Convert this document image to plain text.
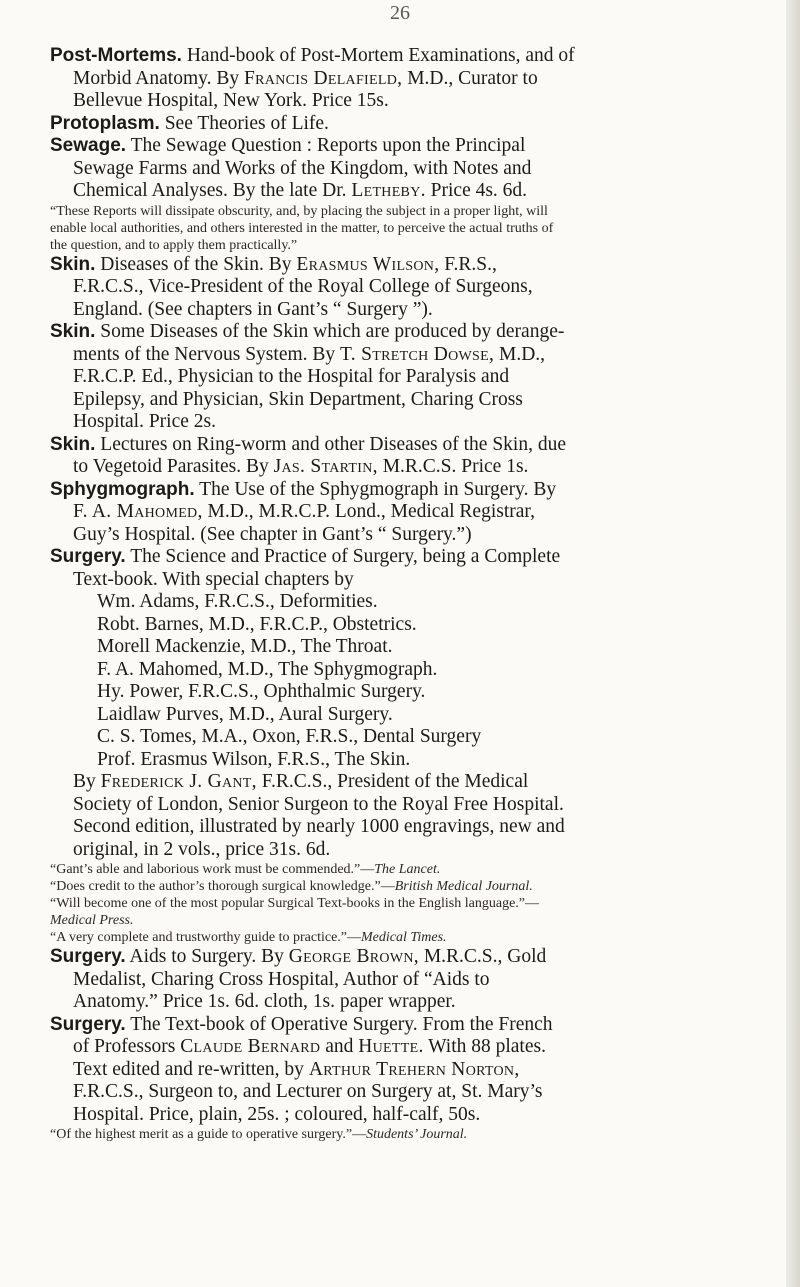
26
Post-Mortems. Hand-book of Post-Mortem Examinations, and of
Morbid Anatomy. By Francis Delafield, M.D., Curator to
Bellevue Hospital, New York. Price 15s.
Protoplasm. See Theories of Life.
Sewage. The Sewage Question : Reports upon the Principal
Sewage Farms and Works of the Kingdom, with Notes and
Chemical Analyses. By the late Dr. Letheby. Price 4s. 6d.
“These Reports will dissipate obscurity, and, by placing the subject in a proper light, will
enable local authorities, and others interested in the matter, to perceive the actual truths of
the question, and to apply them practically.”
Skin. Diseases of the Skin. By Erasmus Wilson, F.R.S.,
F.R.C.S., Vice-President of the Royal College of Surgeons,
England. (See chapters in Gant’s “ Surgery ”).
Skin. Some Diseases of the Skin which are produced by derange-
ments of the Nervous System. By T. Stretch Dowse, M.D.,
F.R.C.P. Ed., Physician to the Hospital for Paralysis and
Epilepsy, and Physician, Skin Department, Charing Cross
Hospital. Price 2s.
Skin. Lectures on Ring-worm and other Diseases of the Skin, due
to Vegetoid Parasites. By Jas. Startin, M.R.C.S. Price 1s.
Sphygmograph. The Use of the Sphygmograph in Surgery. By
F. A. Mahomed, M.D., M.R.C.P. Lond., Medical Registrar,
Guy’s Hospital. (See chapter in Gant’s “ Surgery.”)
Surgery. The Science and Practice of Surgery, being a Complete
Text-book. With special chapters by
Wm. Adams, F.R.C.S., Deformities.
Robt. Barnes, M.D., F.R.C.P., Obstetrics.
Morell Mackenzie, M.D., The Throat.
F. A. Mahomed, M.D., The Sphygmograph.
Hy. Power, F.R.C.S., Ophthalmic Surgery.
Laidlaw Purves, M.D., Aural Surgery.
C. S. Tomes, M.A., Oxon, F.R.S., Dental Surgery
Prof. Erasmus Wilson, F.R.S., The Skin.
By Frederick J. Gant, F.R.C.S., President of the Medical
Society of London, Senior Surgeon to the Royal Free Hospital.
Second edition, illustrated by nearly 1000 engravings, new and
original, in 2 vols., price 31s. 6d.
“Gant’s able and laborious work must be commended.”—The Lancet.
“Does credit to the author’s thorough surgical knowledge.”—British Medical Journal.
“Will become one of the most popular Surgical Text-books in the English language.”—
Medical Press.
“A very complete and trustworthy guide to practice.”—Medical Times.
Surgery. Aids to Surgery. By George Brown, M.R.C.S., Gold
Medalist, Charing Cross Hospital, Author of “Aids to
Anatomy.” Price 1s. 6d. cloth, 1s. paper wrapper.
Surgery. The Text-book of Operative Surgery. From the French
of Professors Claude Bernard and Huette. With 88 plates.
Text edited and re-written, by Arthur Trehern Norton,
F.R.C.S., Surgeon to, and Lecturer on Surgery at, St. Mary’s
Hospital. Price, plain, 25s. ; coloured, half-calf, 50s.
“Of the highest merit as a guide to operative surgery.”—Students’ Journal.
